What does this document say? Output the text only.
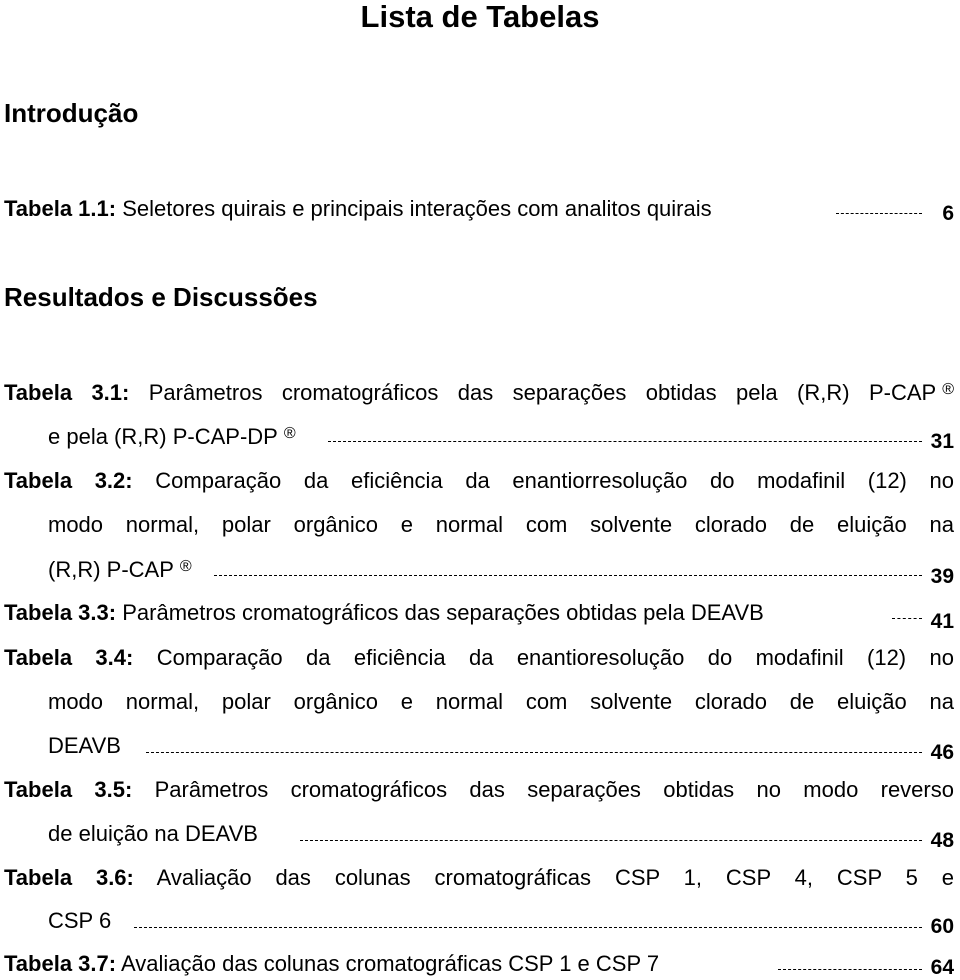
Lista de Tabelas
Introdução
Tabela 1.1: Seletores quirais e principais interações com analitos quirais	6
Resultados e Discussões
Tabela 3.1: Parâmetros cromatográficos das separações obtidas pela (R,R) P-CAP ®
e pela (R,R) P-CAP-DP ®	31
Tabela 3.2: Comparação da eficiência da enantiorresolução do modafinil (12) no
modo normal, polar orgânico e normal com solvente clorado de eluição na
(R,R) P-CAP ®	39
Tabela 3.3: Parâmetros cromatográficos das separações obtidas pela DEAVB	41
Tabela 3.4: Comparação da eficiência da enantioresolução do modafinil (12) no
modo normal, polar orgânico e normal com solvente clorado de eluição na
DEAVB	46
Tabela 3.5: Parâmetros cromatográficos das separações obtidas no modo reverso
de eluição na DEAVB	48
Tabela 3.6: Avaliação das colunas cromatográficas CSP 1, CSP 4, CSP 5 e
CSP 6	60
Tabela 3.7: Avaliação das colunas cromatográficas CSP 1 e CSP 7	64
